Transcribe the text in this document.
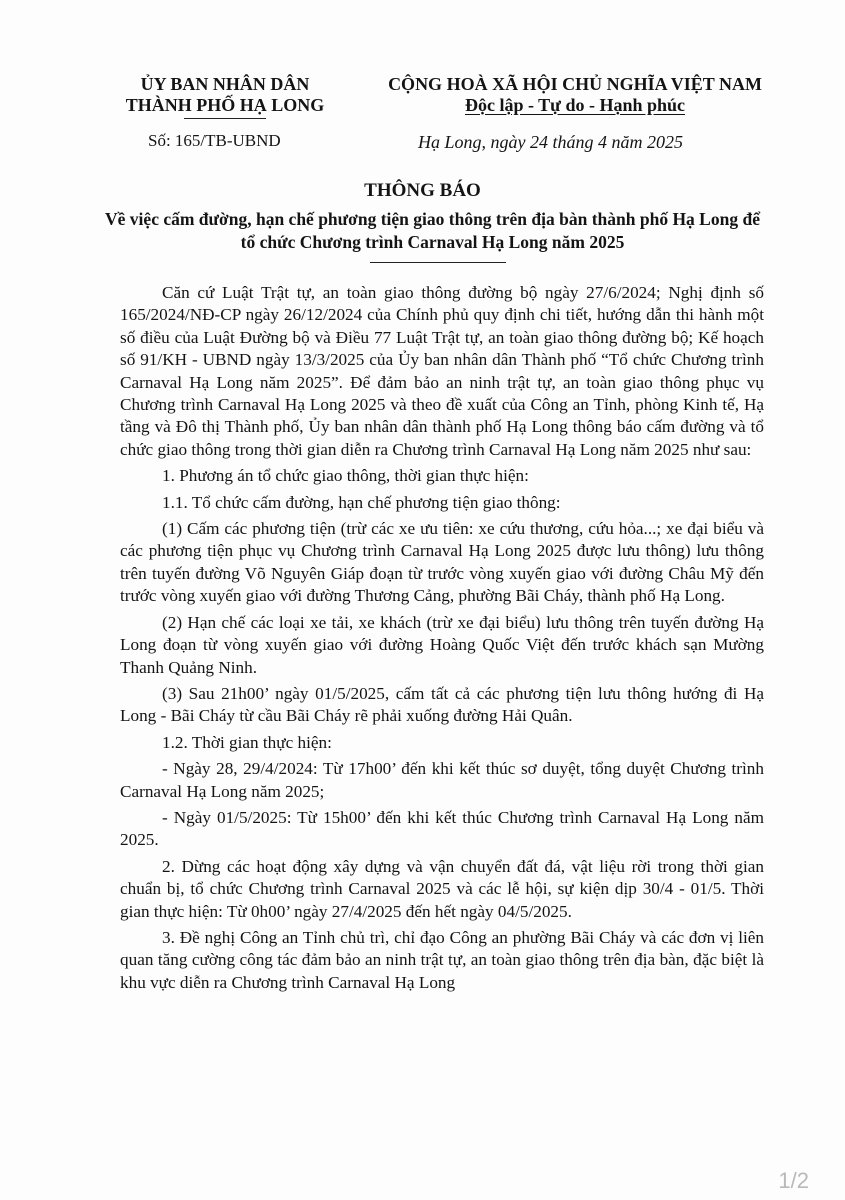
ỦY BAN NHÂN DÂN
THÀNH PHỐ HẠ LONG
CỘNG HOÀ XÃ HỘI CHỦ NGHĨA VIỆT NAM
Độc lập - Tự do - Hạnh phúc
Số: 165/TB-UBND	Hạ Long, ngày 24 tháng 4 năm 2025
THÔNG BÁO
Về việc cấm đường, hạn chế phương tiện giao thông trên địa bàn thành phố Hạ Long để tổ chức Chương trình Carnaval Hạ Long năm 2025

Căn cứ Luật Trật tự, an toàn giao thông đường bộ ngày 27/6/2024; Nghị định số 165/2024/NĐ-CP ngày 26/12/2024 của Chính phủ quy định chi tiết, hướng dẫn thi hành một số điều của Luật Đường bộ và Điều 77 Luật Trật tự, an toàn giao thông đường bộ; Kế hoạch số 91/KH - UBND ngày 13/3/2025 của Ủy ban nhân dân Thành phố “Tổ chức Chương trình Carnaval Hạ Long năm 2025”. Để đảm bảo an ninh trật tự, an toàn giao thông phục vụ Chương trình Carnaval Hạ Long 2025 và theo đề xuất của Công an Tỉnh, phòng Kinh tế, Hạ tầng và Đô thị Thành phố, Ủy ban nhân dân thành phố Hạ Long thông báo cấm đường và tổ chức giao thông trong thời gian diễn ra Chương trình Carnaval Hạ Long năm 2025 như sau:

1. Phương án tổ chức giao thông, thời gian thực hiện:

1.1. Tổ chức cấm đường, hạn chế phương tiện giao thông:

(1) Cấm các phương tiện (trừ các xe ưu tiên: xe cứu thương, cứu hỏa...; xe đại biểu và các phương tiện phục vụ Chương trình Carnaval Hạ Long 2025 được lưu thông) lưu thông trên tuyến đường Võ Nguyên Giáp đoạn từ trước vòng xuyến giao với đường Châu Mỹ đến trước vòng xuyến giao với đường Thương Cảng, phường Bãi Cháy, thành phố Hạ Long.

(2) Hạn chế các loại xe tải, xe khách (trừ xe đại biểu) lưu thông trên tuyến đường Hạ Long đoạn từ vòng xuyến giao với đường Hoàng Quốc Việt đến trước khách sạn Mường Thanh Quảng Ninh.

(3) Sau 21h00’ ngày 01/5/2025, cấm tất cả các phương tiện lưu thông hướng đi Hạ Long - Bãi Cháy từ cầu Bãi Cháy rẽ phải xuống đường Hải Quân.

1.2. Thời gian thực hiện:

- Ngày 28, 29/4/2024: Từ 17h00’ đến khi kết thúc sơ duyệt, tổng duyệt Chương trình Carnaval Hạ Long năm 2025;

- Ngày 01/5/2025: Từ 15h00’ đến khi kết thúc Chương trình Carnaval Hạ Long năm 2025.

2. Dừng các hoạt động xây dựng và vận chuyển đất đá, vật liệu rời trong thời gian chuẩn bị, tổ chức Chương trình Carnaval 2025 và các lễ hội, sự kiện dịp 30/4 - 01/5. Thời gian thực hiện: Từ 0h00’ ngày 27/4/2025 đến hết ngày 04/5/2025.

3. Đề nghị Công an Tỉnh chủ trì, chỉ đạo Công an phường Bãi Cháy và các đơn vị liên quan tăng cường công tác đảm bảo an ninh trật tự, an toàn giao thông trên địa bàn, đặc biệt là khu vực diễn ra Chương trình Carnaval Hạ Long

1/2
